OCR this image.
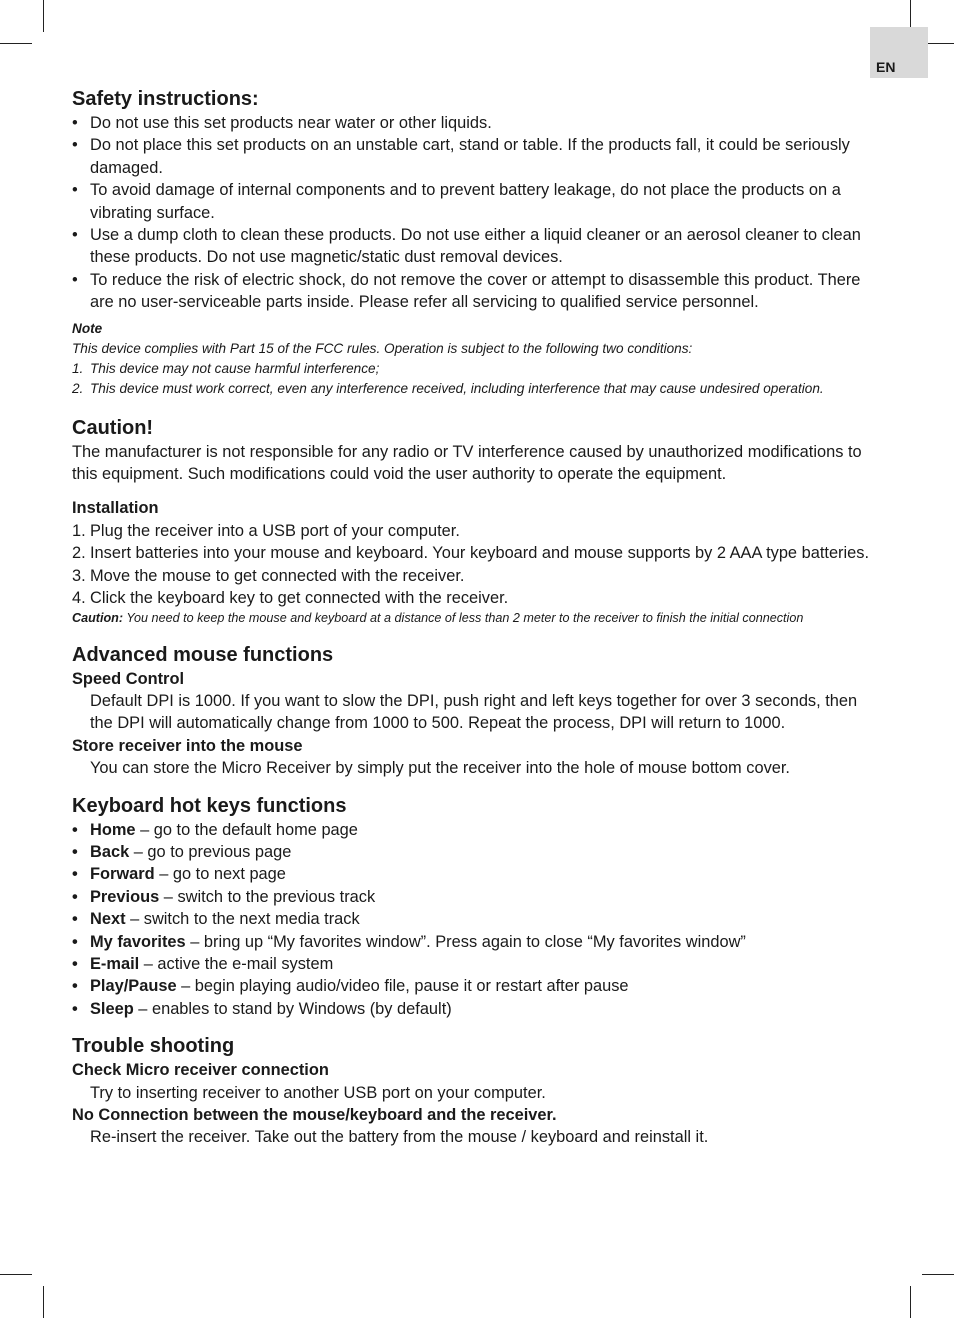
EN
Safety instructions:
• Do not use this set products near water or other liquids.
• Do not place this set products on an unstable cart, stand or table. If the products fall, it could be seriously damaged.
• To avoid damage of internal components and to prevent battery leakage, do not place the products on a vibrating surface.
• Use a dump cloth to clean these products. Do not use either a liquid cleaner or an aerosol cleaner to clean these products. Do not use magnetic/static dust removal devices.
• To reduce the risk of electric shock, do not remove the cover or attempt to disassemble this product. There are no user-serviceable parts inside. Please refer all servicing to qualified service personnel.
Note
This device complies with Part 15 of the FCC rules. Operation is subject to the following two conditions:
1. This device may not cause harmful interference;
2. This device must work correct, even any interference received, including interference that may cause undesired operation.
Caution!

The manufacturer is not responsible for any radio or TV interference caused by unauthorized modifications to this equipment. Such modifications could void the user authority to operate the equipment.

Installation
1. Plug the receiver into a USB port of your computer.
2. Insert batteries into your mouse and keyboard. Your keyboard and mouse supports by 2 AAA type batteries.
3. Move the mouse to get connected with the receiver.
4. Click the keyboard key to get connected with the receiver.
Caution: You need to keep the mouse and keyboard at a distance of less than 2 meter to the receiver to finish the initial connection
Advanced mouse functions
Speed Control

Default DPI is 1000. If you want to slow the DPI, push right and left keys together for over 3 seconds, then the DPI will automatically change from 1000 to 500. Repeat the process, DPI will return to 1000.

Store receiver into the mouse

You can store the Micro Receiver by simply put the receiver into the hole of mouse bottom cover.

Keyboard hot keys functions
• Home – go to the default home page
• Back – go to previous page
• Forward – go to next page
• Previous – switch to the previous track
• Next – switch to the next media track
• My favorites – bring up “My favorites window”. Press again to close “My favorites window”
• E-mail – active the e-mail system
• Play/Pause – begin playing audio/video file, pause it or restart after pause
• Sleep – enables to stand by Windows (by default)
Trouble shooting
Check Micro receiver connection

Try to inserting receiver to another USB port on your computer.

No Connection between the mouse/keyboard and the receiver.

Re-insert the receiver. Take out the battery from the mouse / keyboard and reinstall it.
